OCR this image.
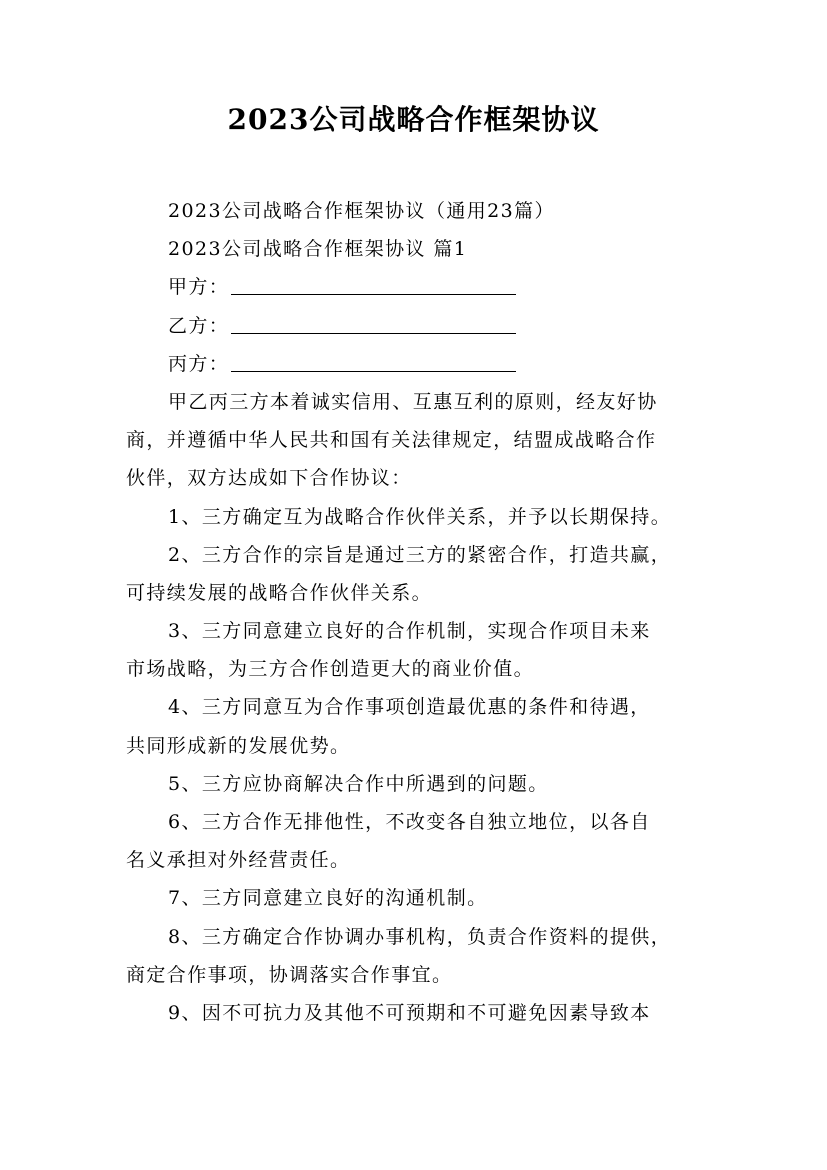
2023公司战略合作框架协议
2023公司战略合作框架协议（通用23篇）
2023公司战略合作框架协议 篇1
甲方：
乙方：
丙方：
甲乙丙三方本着诚实信用、互惠互利的原则，经友好协
商，并遵循中华人民共和国有关法律规定，结盟成战略合作
伙伴，双方达成如下合作协议：
1、三方确定互为战略合作伙伴关系，并予以长期保持。
2、三方合作的宗旨是通过三方的紧密合作，打造共赢，
可持续发展的战略合作伙伴关系。
3、三方同意建立良好的合作机制，实现合作项目未来
市场战略，为三方合作创造更大的商业价值。
4、三方同意互为合作事项创造最优惠的条件和待遇，
共同形成新的发展优势。
5、三方应协商解决合作中所遇到的问题。
6、三方合作无排他性，不改变各自独立地位，以各自
名义承担对外经营责任。
7、三方同意建立良好的沟通机制。
8、三方确定合作协调办事机构，负责合作资料的提供，
商定合作事项，协调落实合作事宜。
9、因不可抗力及其他不可预期和不可避免因素导致本
